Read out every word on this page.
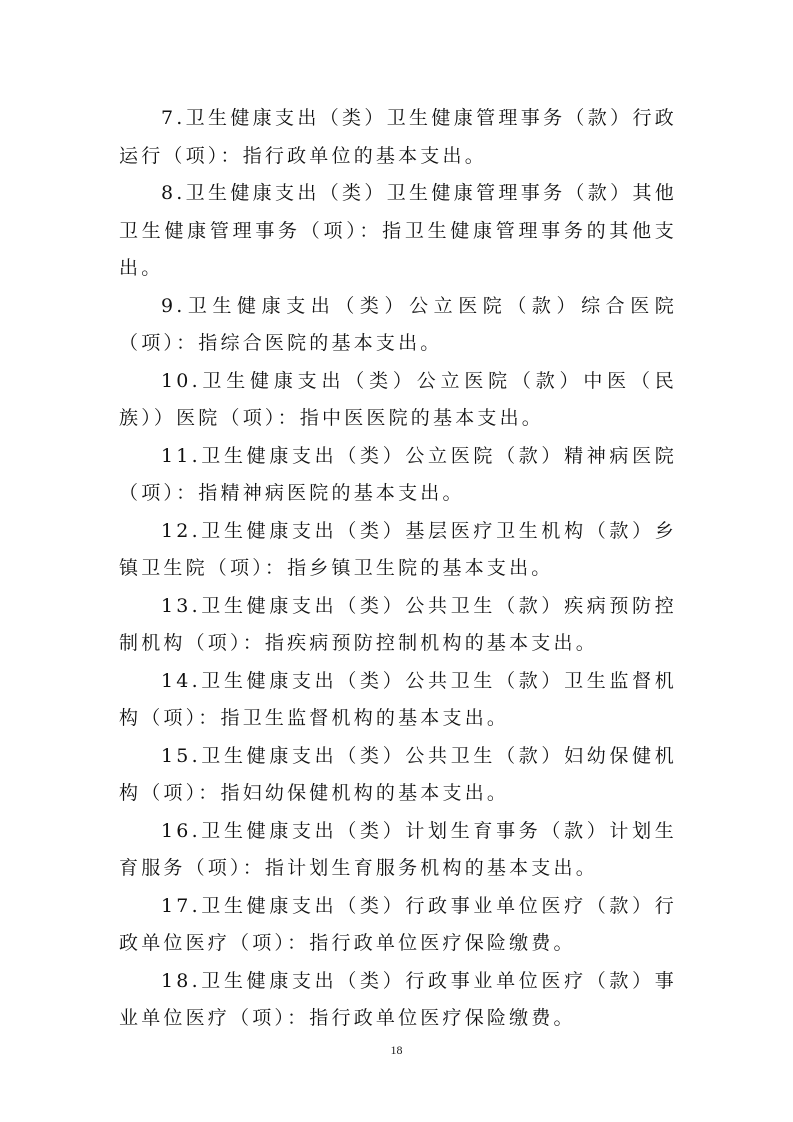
7.卫生健康支出（类）卫生健康管理事务（款）行政运行（项）：指行政单位的基本支出。

8.卫生健康支出（类）卫生健康管理事务（款）其他卫生健康管理事务（项）：指卫生健康管理事务的其他支出。

9.卫生健康支出（类）公立医院（款）综合医院（项）：指综合医院的基本支出。

10.卫生健康支出（类）公立医院（款）中医（民族））医院（项）：指中医医院的基本支出。

11.卫生健康支出（类）公立医院（款）精神病医院（项）：指精神病医院的基本支出。

12.卫生健康支出（类）基层医疗卫生机构（款）乡镇卫生院（项）：指乡镇卫生院的基本支出。

13.卫生健康支出（类）公共卫生（款）疾病预防控制机构（项）：指疾病预防控制机构的基本支出。

14.卫生健康支出（类）公共卫生（款）卫生监督机构（项）：指卫生监督机构的基本支出。

15.卫生健康支出（类）公共卫生（款）妇幼保健机构（项）：指妇幼保健机构的基本支出。

16.卫生健康支出（类）计划生育事务（款）计划生育服务（项）：指计划生育服务机构的基本支出。

17.卫生健康支出（类）行政事业单位医疗（款）行政单位医疗（项）：指行政单位医疗保险缴费。

18.卫生健康支出（类）行政事业单位医疗（款）事业单位医疗（项）：指行政单位医疗保险缴费。

18
